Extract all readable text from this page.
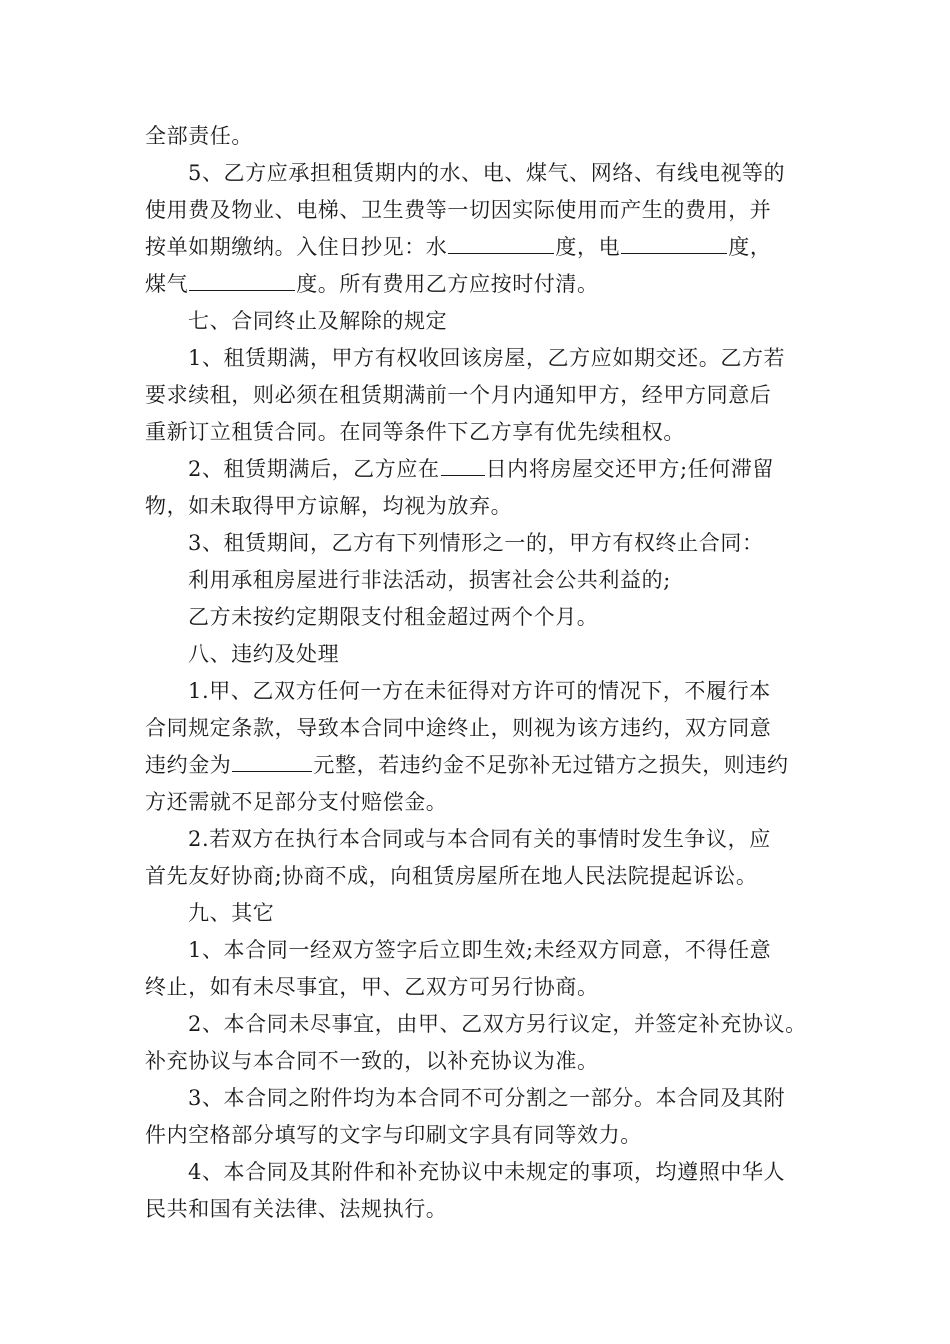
全部责任。
5、乙方应承担租赁期内的水、电、煤气、网络、有线电视等的
使用费及物业、电梯、卫生费等一切因实际使用而产生的费用，并
按单如期缴纳。入住日抄见：水	度，电	度，
煤气	度。所有费用乙方应按时付清。
七、合同终止及解除的规定
1、租赁期满，甲方有权收回该房屋，乙方应如期交还。乙方若
要求续租，则必须在租赁期满前一个月内通知甲方，经甲方同意后
重新订立租赁合同。在同等条件下乙方享有优先续租权。
2、租赁期满后，乙方应在 日内将房屋交还甲方;任何滞留
物，如未取得甲方谅解，均视为放弃。
3、租赁期间，乙方有下列情形之一的，甲方有权终止合同：
利用承租房屋进行非法活动，损害社会公共利益的;
乙方未按约定期限支付租金超过两个个月。
八、违约及处理
1.甲、乙双方任何一方在未征得对方许可的情况下，不履行本
合同规定条款，导致本合同中途终止，则视为该方违约，双方同意
违约金为	元整，若违约金不足弥补无过错方之损失，则违约
方还需就不足部分支付赔偿金。
2.若双方在执行本合同或与本合同有关的事情时发生争议，应
首先友好协商;协商不成，向租赁房屋所在地人民法院提起诉讼。
九、其它
1、本合同一经双方签字后立即生效;未经双方同意，不得任意
终止，如有未尽事宜，甲、乙双方可另行协商。
2、本合同未尽事宜，由甲、乙双方另行议定，并签定补充协议。
补充协议与本合同不一致的，以补充协议为准。
3、本合同之附件均为本合同不可分割之一部分。本合同及其附
件内空格部分填写的文字与印刷文字具有同等效力。
4、本合同及其附件和补充协议中未规定的事项，均遵照中华人
民共和国有关法律、法规执行。
